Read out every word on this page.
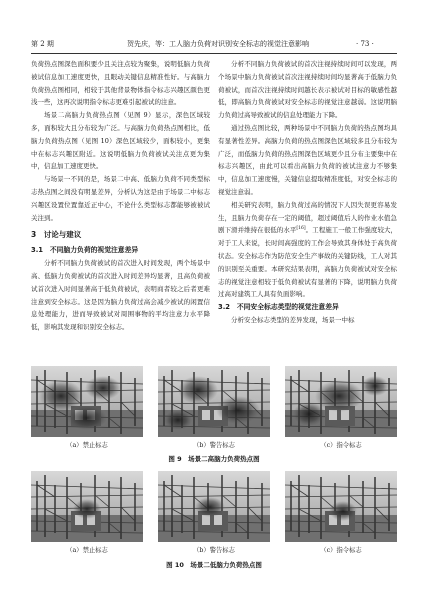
第 2 期	贺先庆，等：工人脑力负荷对识别安全标志的视觉注意影响	· 73 ·

负荷热点图深色面积要少且关注点较为聚集，说明低脑力负荷被试信息加工速度更快，且眼动关键信息精准性好。与高脑力负荷热点图相同，相较于其他背景物体指令标志兴趣区颜色更浅一些，这再次说明指令标志更难引起被试的注意。

场景二高脑力负荷热点图（见图 9）显示，深色区域较多，面积较大且分布较为广泛。与高脑力负荷热点图相比，低脑力负荷热点图（见图 10）深色区域较少，面积较小，更集中在标志兴趣区附近。这说明低脑力负荷被试关注点更为集中，信息加工速度更快。

与场景一不同的是，场景二中高、低脑力负荷不同类型标志热点图之间没有明显差异，分析认为这是由于场景二中标志兴趣区设置位置靠近正中心，不论什么类型标志都能够被被试关注到。

3　讨论与建议
3.1　不同脑力负荷的视觉注意差异

分析不同脑力负荷被试的首次进入时间发现，两个场景中高、低脑力负荷被试的首次进入时间差异均显著，且高负荷被试首次进入时间显著高于低负荷被试，表明商者较之后者更难注意到安全标志。这是因为脑力负荷过高会减少被试的闲置信息处理能力，进而导致被试对周围事物的平均注意力水平降低，影响其发现和识别安全标志。

分析不同脑力负荷被试的首次注视持续时间可以发现，两个场景中脑力负荷被试首次注视持续时间均显著高于低脑力负荷被试，而首次注视持续时间越长表示被试对目标的敏感性越低，即高脑力负荷被试对安全标志的视觉注意越弱。这说明脑力负荷过高导致被试的信息处理能力下降。

通过热点图比较，两种场景中不同脑力负荷的热点图均具有显著性差异。高脑力负荷的热点图深色区域较多且分布较为广泛，而低脑力负荷的热点图深色区域更少且分布主要集中在标志兴趣区，由此可以看出高脑力负荷的被试注意力不够集中，信息加工速度慢，关键信息提取精准度低，对安全标志的视觉注意弱。

相关研究表明，脑力负荷过高的情况下人因失误更容易发生，且脑力负荷存在一定的阈值，超过阈值后人的作业水值急剧下滑并维持在很低的水平[16]。工程施工一般工作强度较大，对于工人来说，长时间高强度的工作会导致其身体处于高负荷状态。安全标志作为防范安全生产事故的关键防线，工人对其的识别至关重要。本研究结果表明，高脑力负荷被试对安全标志的视觉注意相较于低负荷被试有显著的下降，说明脑力负荷过高对建筑工人具有负面影响。

3.2　不同安全标志类型的视觉注意差异

分析安全标志类型的差异发现，场景一中标

（a）禁止标志	（b）警告标志	（c）指令标志
图 9　场景二高脑力负荷热点图
（a）禁止标志	（b）警告标志	（c）指令标志
图 10　场景二低脑力负荷热点图
